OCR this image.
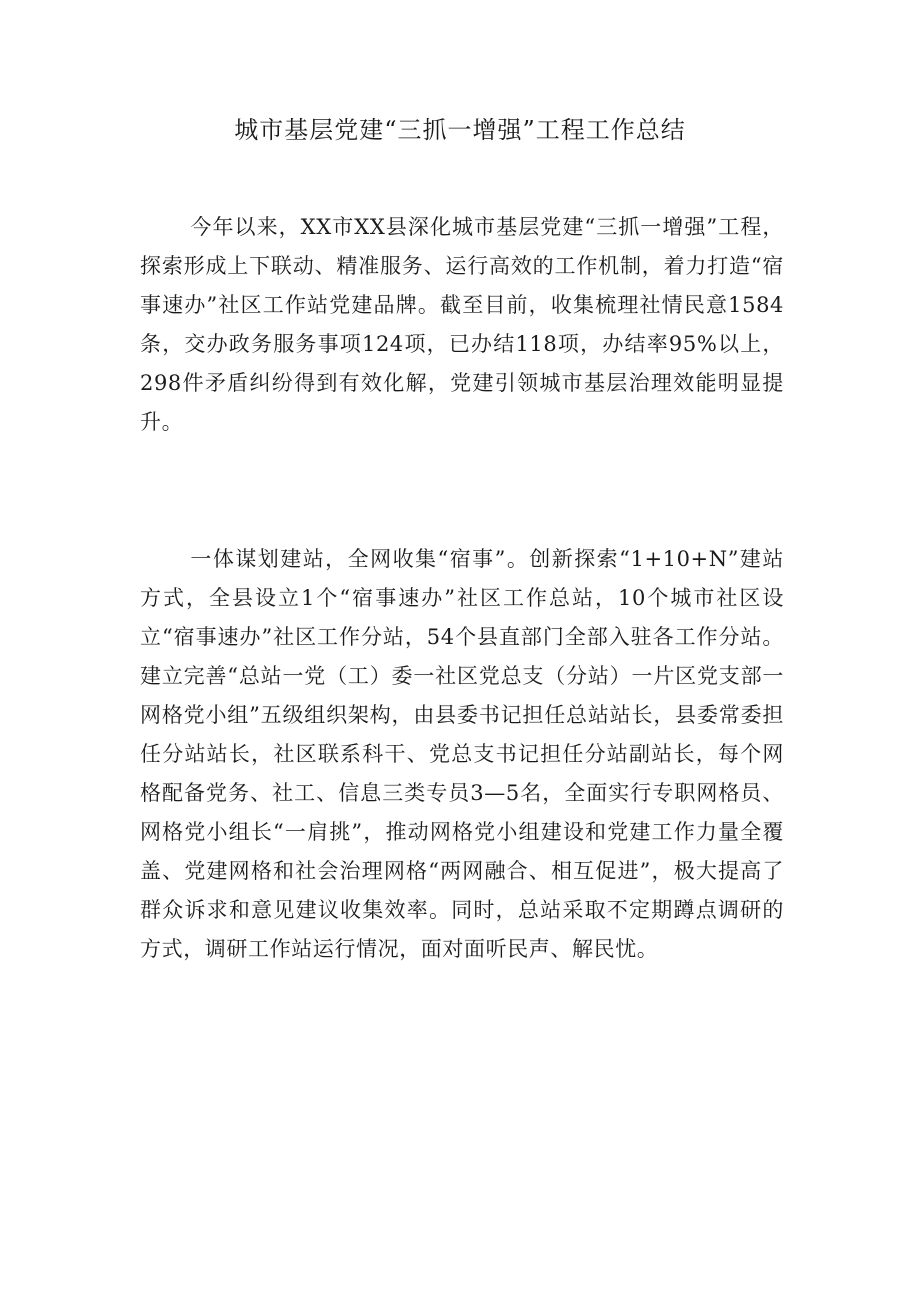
城市基层党建“三抓一增强”工程工作总结

今年以来，XX市XX县深化城市基层党建“三抓一增强”工程，探索形成上下联动、精准服务、运行高效的工作机制，着力打造“宿事速办”社区工作站党建品牌。截至目前，收集梳理社情民意1584条，交办政务服务事项124项，已办结118项，办结率95%以上，298件矛盾纠纷得到有效化解，党建引领城市基层治理效能明显提升。

一体谋划建站，全网收集“宿事”。创新探索“1+10+N”建站方式，全县设立1个“宿事速办”社区工作总站，10个城市社区设立“宿事速办”社区工作分站，54个县直部门全部入驻各工作分站。建立完善“总站一党（工）委一社区党总支（分站）一片区党支部一网格党小组”五级组织架构，由县委书记担任总站站长，县委常委担任分站站长，社区联系科干、党总支书记担任分站副站长，每个网格配备党务、社工、信息三类专员3—5名，全面实行专职网格员、网格党小组长“一肩挑”，推动网格党小组建设和党建工作力量全覆盖、党建网格和社会治理网格“两网融合、相互促进”，极大提高了群众诉求和意见建议收集效率。同时，总站采取不定期蹲点调研的方式，调研工作站运行情况，面对面听民声、解民忧。
